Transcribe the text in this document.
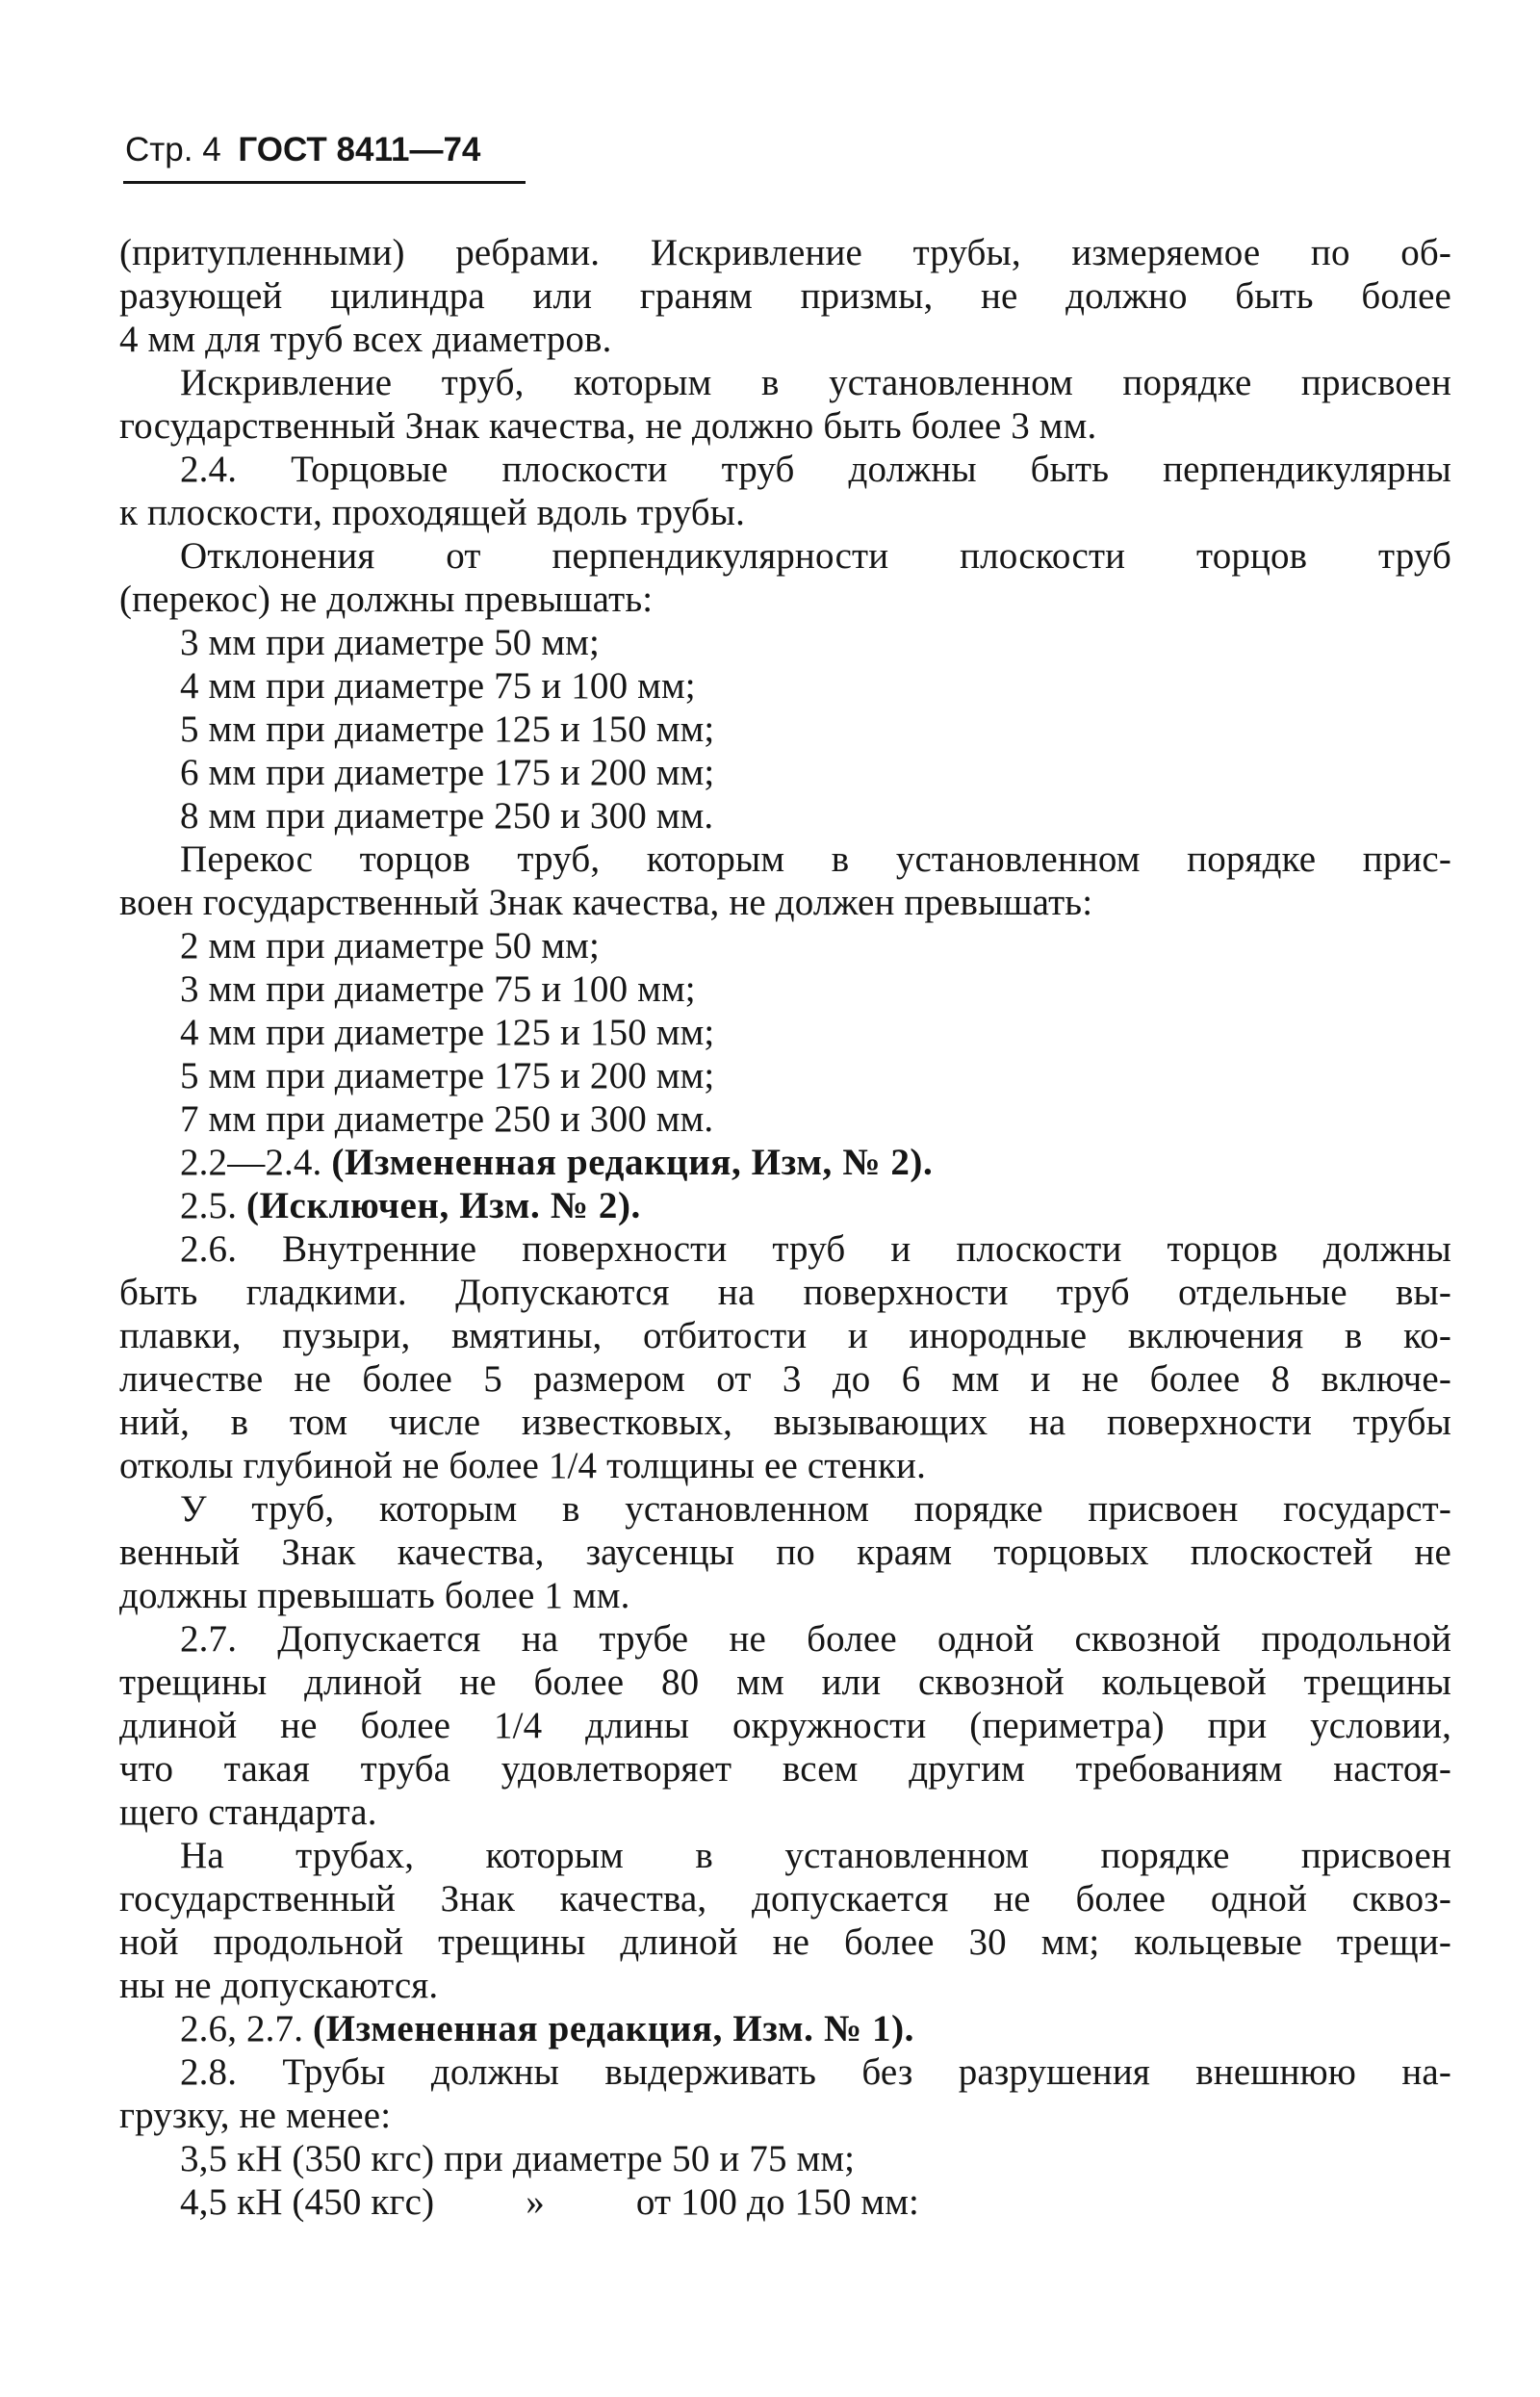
Стр. 4 ГОСТ 8411—74
(притупленными) ребрами. Искривление трубы, измеряемое по об-
разующей цилиндра или граням призмы, не должно быть более
4 мм для труб всех диаметров.
Искривление труб, которым в установленном порядке присвоен
государственный Знак качества, не должно быть более 3 мм.
2.4. Торцовые плоскости труб должны быть перпендикулярны
к плоскости, проходящей вдоль трубы.
Отклонения от перпендикулярности плоскости торцов труб
(перекос) не должны превышать:
3 мм при диаметре 50 мм;
4 мм при диаметре 75 и 100 мм;
5 мм при диаметре 125 и 150 мм;
6 мм при диаметре 175 и 200 мм;
8 мм при диаметре 250 и 300 мм.
Перекос торцов труб, которым в установленном порядке прис-
воен государственный Знак качества, не должен превышать:
2 мм при диаметре 50 мм;
3 мм при диаметре 75 и 100 мм;
4 мм при диаметре 125 и 150 мм;
5 мм при диаметре 175 и 200 мм;
7 мм при диаметре 250 и 300 мм.
2.2—2.4. (Измененная редакция, Изм, № 2).
2.5. (Исключен, Изм. № 2).
2.6. Внутренние поверхности труб и плоскости торцов должны
быть гладкими. Допускаются на поверхности труб отдельные вы-
плавки, пузыри, вмятины, отбитости и инородные включения в ко-
личестве не более 5 размером от 3 до 6 мм и не более 8 включе-
ний, в том числе известковых, вызывающих на поверхности трубы
отколы глубиной не более 1/4 толщины ее стенки.
У труб, которым в установленном порядке присвоен государст-
венный Знак качества, заусенцы по краям торцовых плоскостей не
должны превышать более 1 мм.
2.7. Допускается на трубе не более одной сквозной продольной
трещины длиной не более 80 мм или сквозной кольцевой трещины
длиной не более 1/4 длины окружности (периметра) при условии,
что такая труба удовлетворяет всем другим требованиям настоя-
щего стандарта.
На трубах, которым в установленном порядке присвоен
государственный Знак качества, допускается не более одной сквоз-
ной продольной трещины длиной не более 30 мм; кольцевые трещи-
ны не допускаются.
2.6, 2.7. (Измененная редакция, Изм. № 1).
2.8. Трубы должны выдерживать без разрушения внешнюю на-
грузку, не менее:
3,5 кН (350 кгс) при диаметре 50 и 75 мм;
4,5 кН (450 кгс) » от 100 до 150 мм:
